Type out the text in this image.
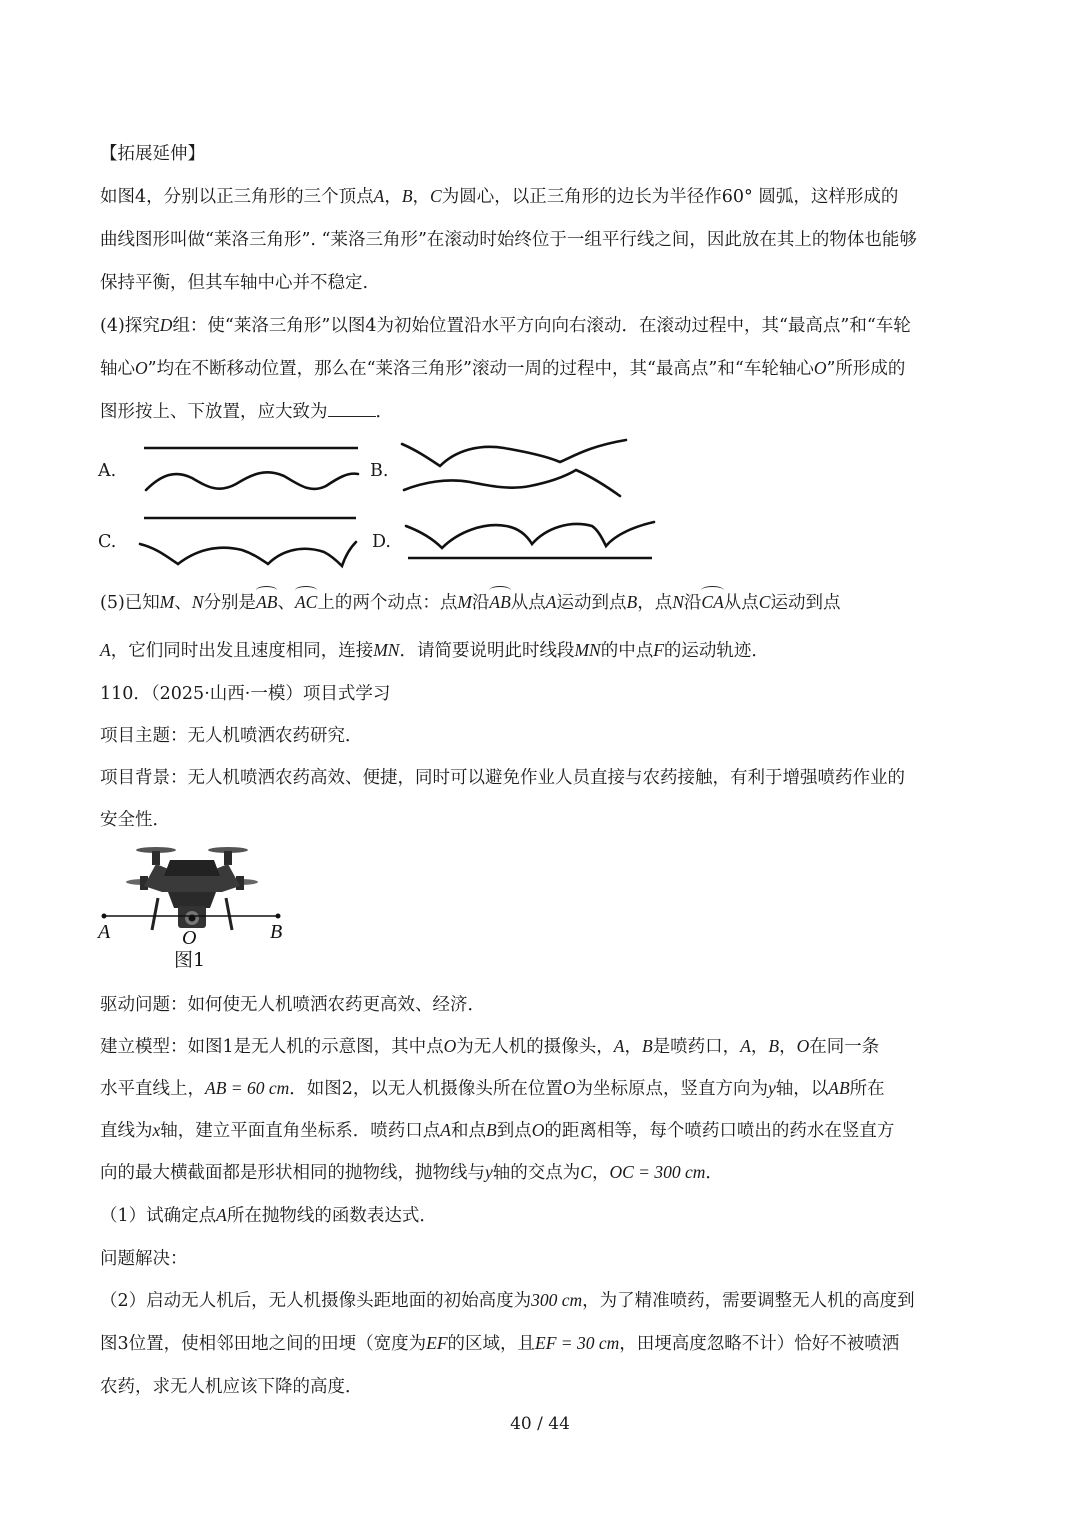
【拓展延伸】
如图4，分别以正三角形的三个顶点A，B，C为圆心，以正三角形的边长为半径作60° 圆弧，这样形成的
曲线图形叫做“莱洛三角形”. “莱洛三角形”在滚动时始终位于一组平行线之间，因此放在其上的物体也能够
保持平衡，但其车轴中心并不稳定.
(4)探究D组：使“莱洛三角形”以图4为初始位置沿水平方向向右滚动．在滚动过程中，其“最高点”和“车轮
轴心O”均在不断移动位置，那么在“莱洛三角形”滚动一周的过程中，其“最高点”和“车轮轴心O”所形成的
图形按上、下放置，应大致为	．
A.	B.
C.	D.
(5)已知M、N分别是AB、AC上的两个动点：点M沿AB从点A运动到点B，点N沿CA从点C运动到点
A，它们同时出发且速度相同，连接MN．请简要说明此时线段MN的中点F的运动轨迹．
110．（2025·山西·一模）项目式学习
项目主题：无人机喷洒农药研究．
项目背景：无人机喷洒农药高效、便捷，同时可以避免作业人员直接与农药接触，有利于增强喷药作业的
安全性．
A	O	B
图1
驱动问题：如何使无人机喷洒农药更高效、经济．
建立模型：如图1是无人机的示意图，其中点O为无人机的摄像头，A，B是喷药口，A，B，O在同一条
水平直线上，AB = 60 cm．如图2，以无人机摄像头所在位置O为坐标原点，竖直方向为y轴，以AB所在
直线为x轴，建立平面直角坐标系．喷药口点A和点B到点O的距离相等，每个喷药口喷出的药水在竖直方
向的最大横截面都是形状相同的抛物线，抛物线与y轴的交点为C，OC = 300 cm．
（1）试确定点A所在抛物线的函数表达式．
问题解决：
（2）启动无人机后，无人机摄像头距地面的初始高度为300 cm，为了精准喷药，需要调整无人机的高度到
图3位置，使相邻田地之间的田埂（宽度为EF的区域，且EF = 30 cm，田埂高度忽略不计）恰好不被喷洒
农药，求无人机应该下降的高度．
40 / 44
